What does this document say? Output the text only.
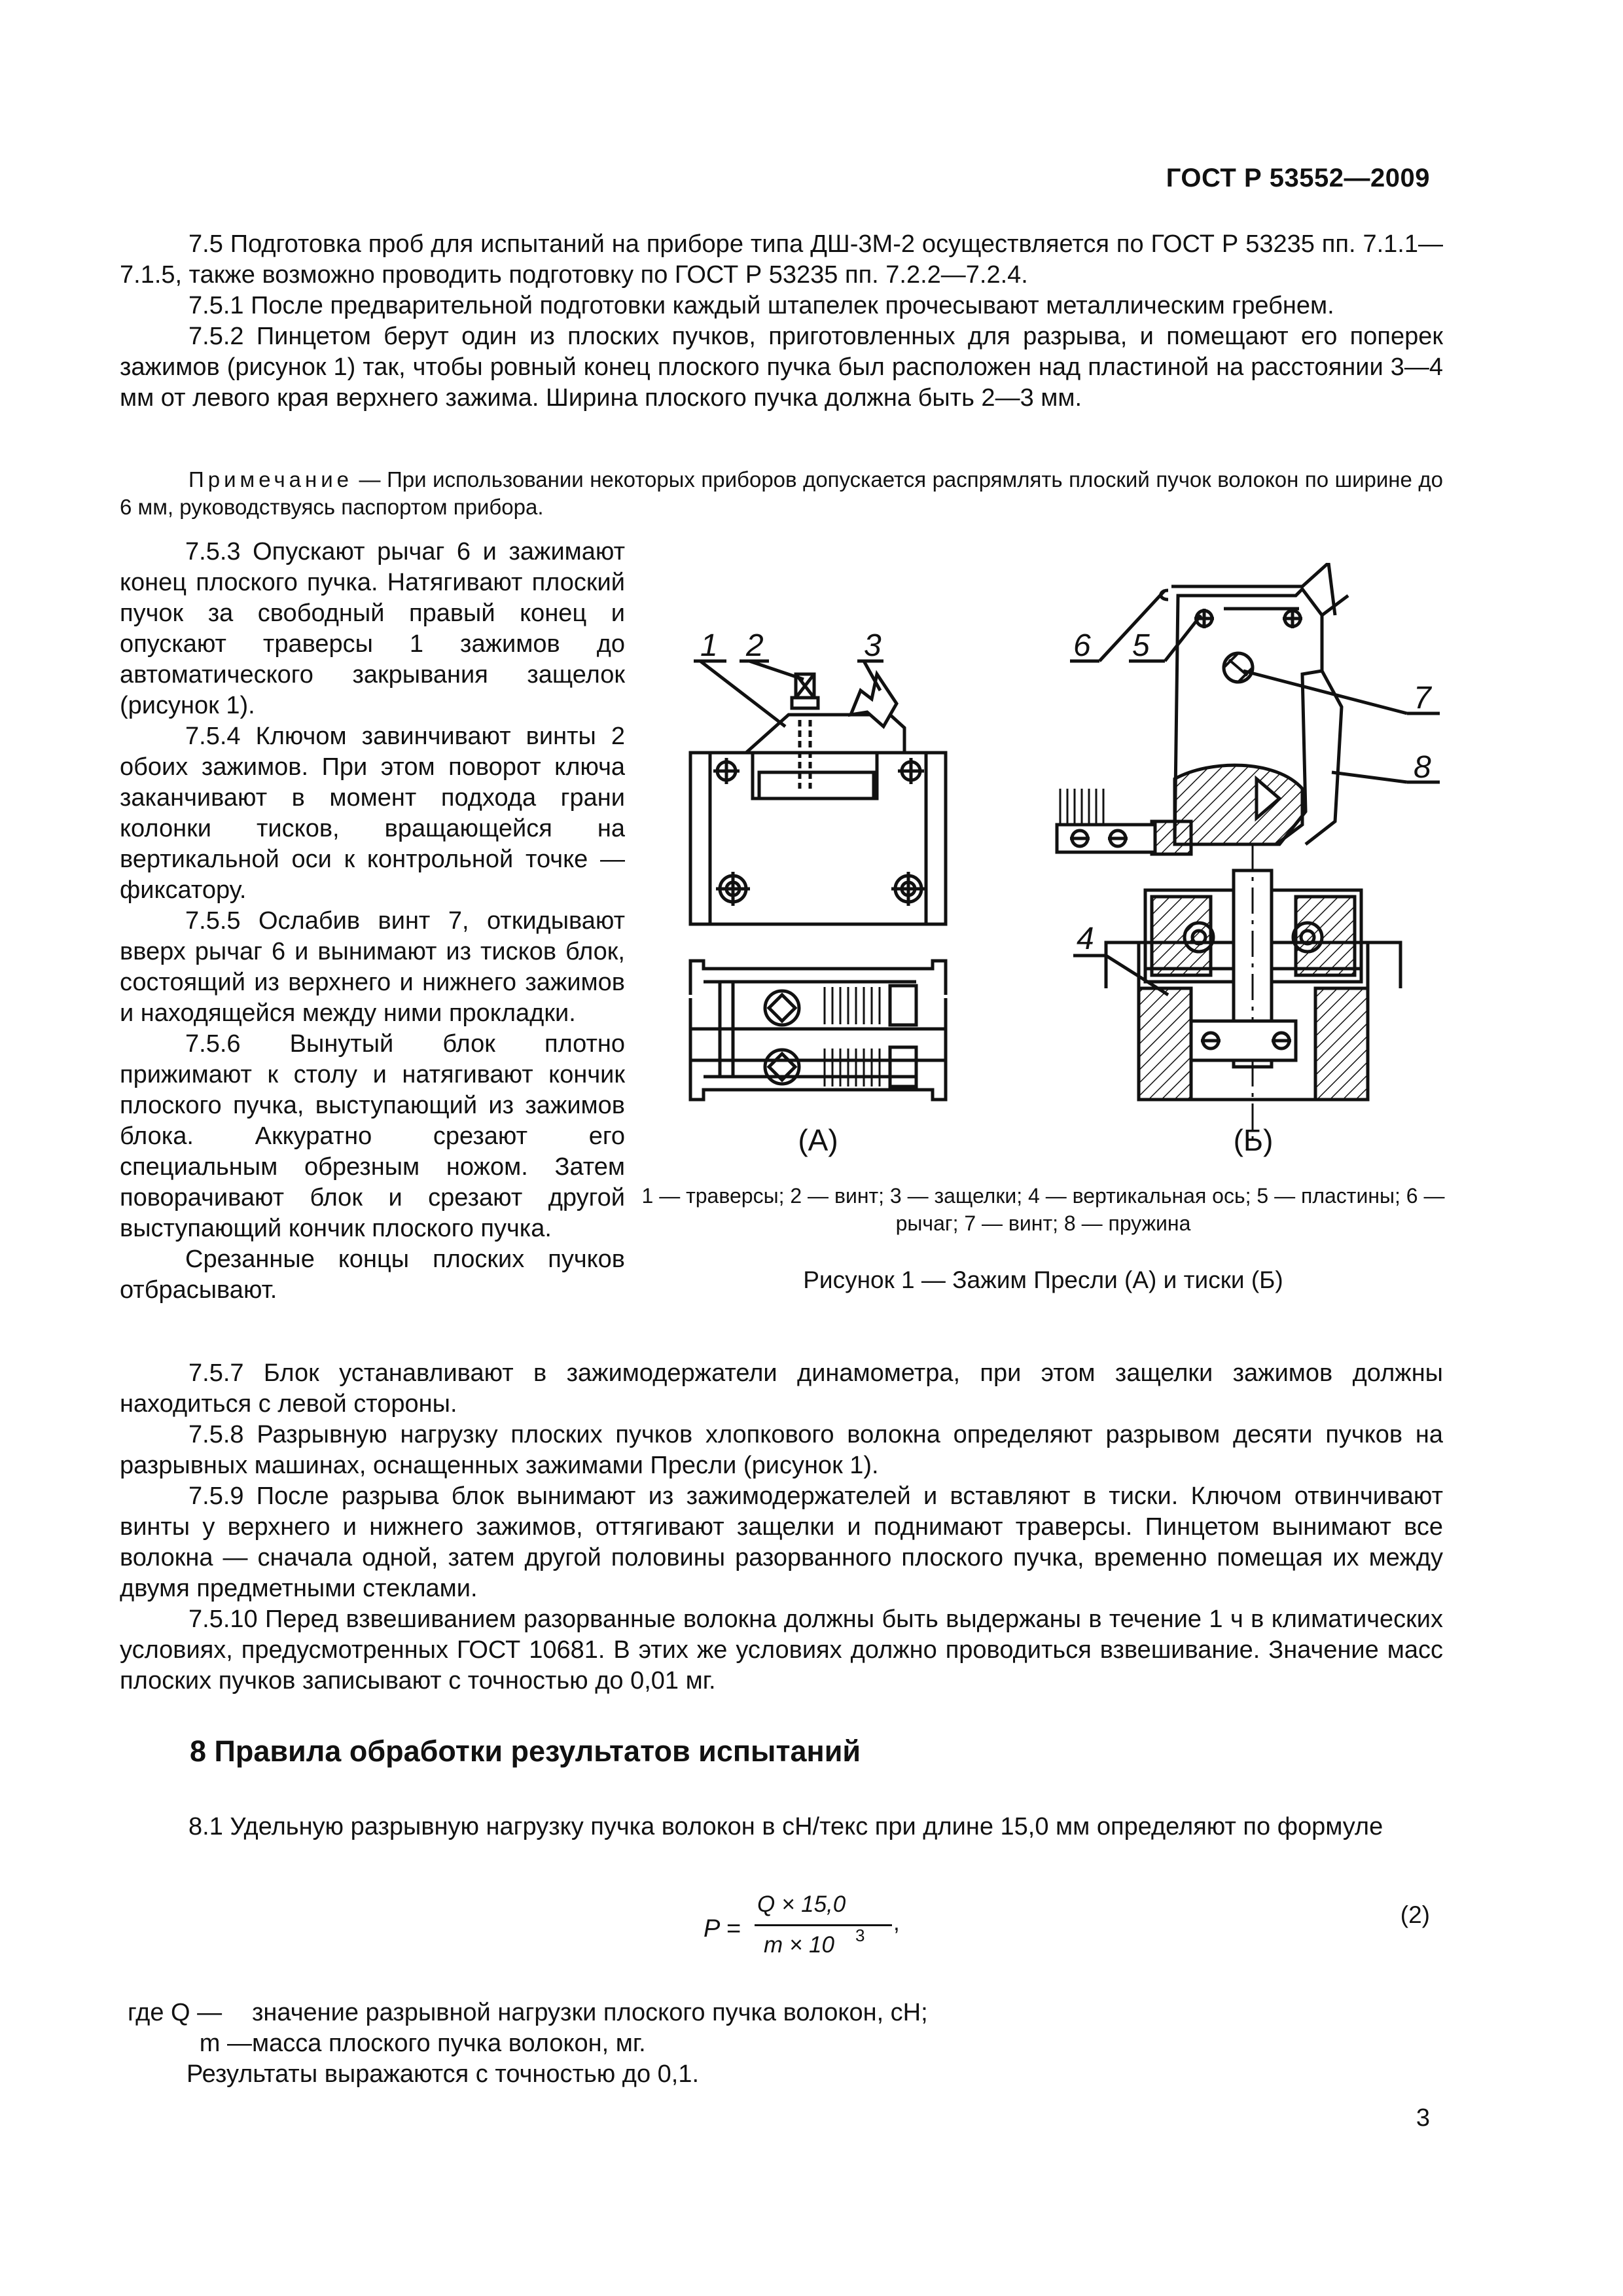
ГОСТ Р 53552—2009

7.5 Подготовка проб для испытаний на приборе типа ДШ-3М-2 осуществляется по ГОСТ Р 53235 пп. 7.1.1—7.1.5, также возможно проводить подготовку по ГОСТ Р 53235 пп. 7.2.2—7.2.4.

7.5.1 После предварительной подготовки каждый штапелек прочесывают металлическим гребнем.

7.5.2 Пинцетом берут один из плоских пучков, приготовленных для разрыва, и помещают его поперек зажимов (рисунок 1) так, чтобы ровный конец плоского пучка был расположен над пластиной на расстоянии 3—4 мм от левого края верхнего зажима. Ширина плоского пучка должна быть 2—3 мм.

Примечание — При использовании некоторых приборов допускается распрямлять плоский пучок волокон по ширине до 6 мм, руководствуясь паспортом прибора.

7.5.3 Опускают рычаг 6 и зажимают конец плоского пучка. Натягивают плоский пучок за свободный правый конец и опускают траверсы 1 зажимов до автоматического закрывания защелок (рисунок 1).

7.5.4 Ключом завинчивают винты 2 обоих зажимов. При этом поворот ключа заканчивают в момент подхода грани колонки тисков, вращающейся на вертикальной оси к контрольной точке — фиксатору.

7.5.5 Ослабив винт 7, откидывают вверх рычаг 6 и вынимают из тисков блок, состоящий из верхнего и нижнего зажимов и находящейся между ними прокладки.

7.5.6 Вынутый блок плотно прижимают к столу и натягивают кончик плоского пучка, выступающий из зажимов блока. Аккуратно срезают его специальным обрезным ножом. Затем поворачивают блок и срезают другой выступающий кончик плоского пучка.

Срезанные концы плоских пучков отбрасывают.

1 2	3	6 5
7
8
4
(А)	(Б)
1 — траверсы; 2 — винт; 3 — защелки; 4 — вертикальная ось; 5 — пластины; 6 — рычаг; 7 — винт; 8 — пружина
Рисунок 1 — Зажим Пресли (А) и тиски (Б)

7.5.7 Блок устанавливают в зажимодержатели динамометра, при этом защелки зажимов должны находиться с левой стороны.

7.5.8 Разрывную нагрузку плоских пучков хлопкового волокна определяют разрывом десяти пучков на разрывных машинах, оснащенных зажимами Пресли (рисунок 1).

7.5.9 После разрыва блок вынимают из зажимодержателей и вставляют в тиски. Ключом отвинчивают винты у верхнего и нижнего зажимов, оттягивают защелки и поднимают траверсы. Пинцетом вынимают все волокна — сначала одной, затем другой половины разорванного плоского пучка, временно помещая их между двумя предметными стеклами.

7.5.10 Перед взвешиванием разорванные волокна должны быть выдержаны в течение 1 ч в климатических условиях, предусмотренных ГОСТ 10681. В этих же условиях должно проводиться взвешивание. Значение масс плоских пучков записывают с точностью до 0,01 мг.

8 Правила обработки результатов испытаний

8.1 Удельную разрывную нагрузку пучка волокон в сН/текс при длине 15,0 мм определяют по формуле

P =
Q × 15,0
m × 10 3 ,	(2)
где Q — значение разрывной нагрузки плоского пучка волокон, сН;
m —масса плоского пучка волокон, мг.
Результаты выражаются с точностью до 0,1.
3
